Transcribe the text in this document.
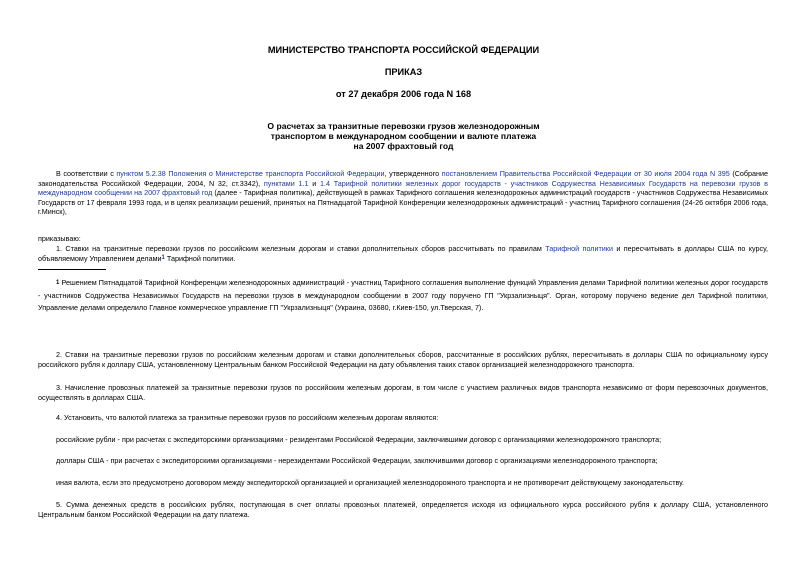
МИНИСТЕРСТВО ТРАНСПОРТА РОССИЙСКОЙ ФЕДЕРАЦИИ
ПРИКАЗ
от 27 декабря 2006 года N 168
О расчетах за транзитные перевозки грузов железнодорожным
транспортом в международном сообщении и валюте платежа
на 2007 фрахтовый год
В соответствии с пунктом 5.2.38 Положения о Министерстве транспорта Российской Федерации, утвержденного постановлением Правительства Российской Федерации от 30 июля 2004 года N 395 (Собрание законодательства Российской Федерации, 2004, N 32, ст.3342), пунктами 1.1 и 1.4 Тарифной политики железных дорог государств - участников Содружества Независимых Государств на перевозки грузов в международном сообщении на 2007 фрахтовый год (далее - Тарифная политика), действующей в рамках Тарифного соглашения железнодорожных администраций государств - участников Содружества Независимых Государств от 17 февраля 1993 года, и в целях реализации решений, принятых на Пятнадцатой Тарифной Конференции железнодорожных администраций - участниц Тарифного соглашения (24-26 октября 2006 года, г.Минск),
приказываю:
1. Ставки на транзитные перевозки грузов по российским железным дорогам и ставки дополнительных сборов рассчитывать по правилам Тарифной политики и пересчитывать в доллары США по курсу, объявляемому Управлением делами$^1$ Тарифной политики.
$^1$ Решением Пятнадцатой Тарифной Конференции железнодорожных администраций - участниц Тарифного соглашения выполнение функций Управления делами Тарифной политики железных дорог государств - участников Содружества Независимых Государств на перевозки грузов в международном сообщении в 2007 году поручено ГП "Укрзализныця". Орган, которому поручено ведение дел Тарифной политики, Управление делами определило Главное коммерческое управление ГП "Укрзализныця" (Украина, 03680, г.Киев-150, ул.Тверская, 7).
2. Ставки на транзитные перевозки грузов по российским железным дорогам и ставки дополнительных сборов, рассчитанные в российских рублях, пересчитывать в доллары США по официальному курсу российского рубля к доллару США, установленному Центральным банком Российской Федерации на дату объявления таких ставок организацией железнодорожного транспорта.
3. Начисление провозных платежей за транзитные перевозки грузов по российским железным дорогам, в том числе с участием различных видов транспорта независимо от форм перевозочных документов, осуществлять в долларах США.
4. Установить, что валютой платежа за транзитные перевозки грузов по российским железным дорогам являются:
российские рубли - при расчетах с экспедиторскими организациями - резидентами Российской Федерации, заключившими договор с организациями железнодорожного транспорта;
доллары США - при расчетах с экспедиторскими организациями - нерезидентами Российской Федерации, заключившими договор с организациями железнодорожного транспорта;
иная валюта, если это предусмотрено договором между экспедиторской организацией и организацией железнодорожного транспорта и не противоречит действующему законодательству.
5. Сумма денежных средств в российских рублях, поступающая в счет оплаты провозных платежей, определяется исходя из официального курса российского рубля к доллару США, установленного Центральным банком Российской Федерации на дату платежа.
